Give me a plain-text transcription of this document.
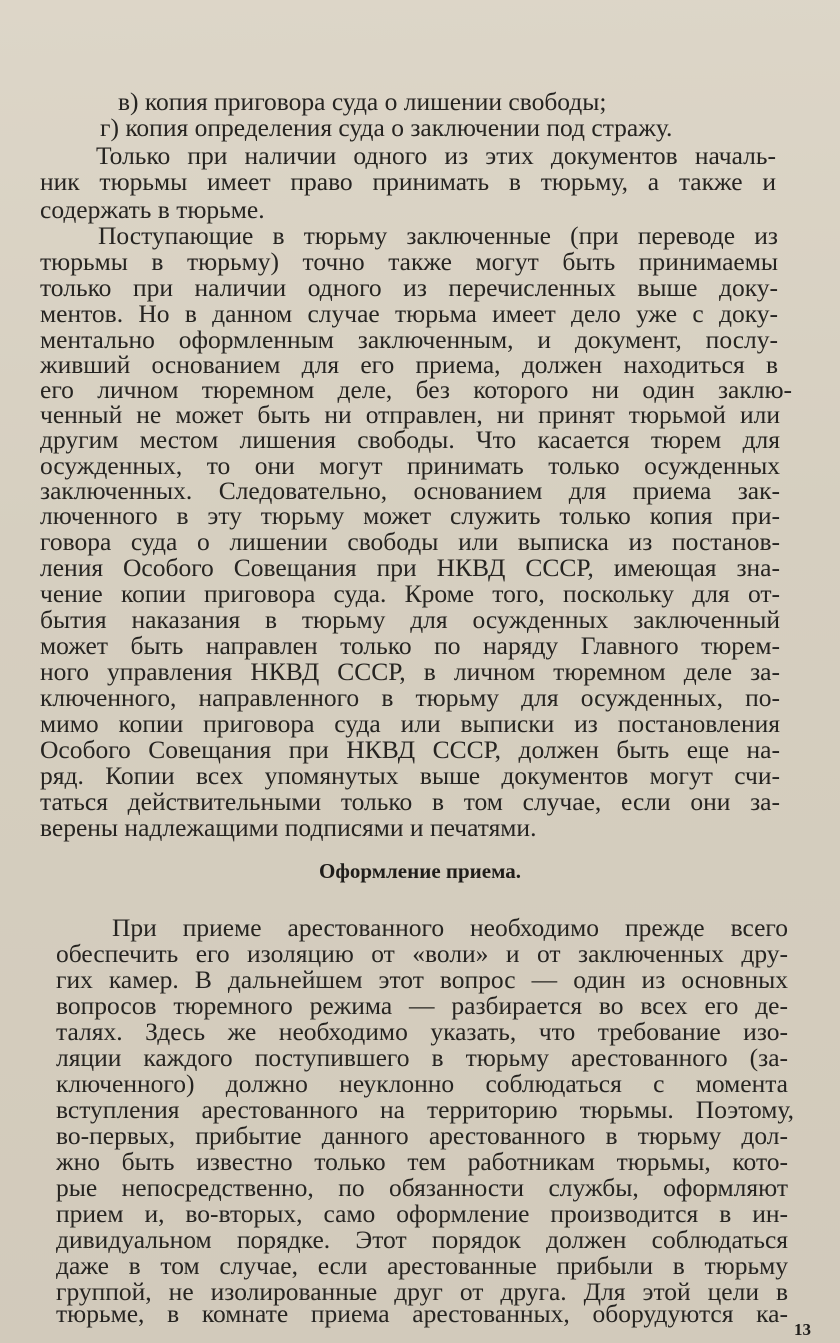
в) копия приговора суда о лишении свободы;

г) копия определения суда о заключении под стражу.

Только при наличии одного из этих документов началь-

ник тюрьмы имеет право принимать в тюрьму, а также и

содержать в тюрьме.

Поступающие в тюрьму заключенные (при переводе из

тюрьмы в тюрьму) точно также могут быть принимаемы

только при наличии одного из перечисленных выше доку-

ментов. Но в данном случае тюрьма имеет дело уже с доку-

ментально оформленным заключенным, и документ, послу-

живший основанием для его приема, должен находиться в

его личном тюремном деле, без которого ни один заклю-

ченный не может быть ни отправлен, ни принят тюрьмой или

другим местом лишения свободы. Что касается тюрем для

осужденных, то они могут принимать только осужденных

заключенных. Следовательно, основанием для приема зак-

люченного в эту тюрьму может служить только копия при-

говора суда о лишении свободы или выписка из постанов-

ления Особого Совещания при НКВД СССР, имеющая зна-

чение копии приговора суда. Кроме того, поскольку для от-

бытия наказания в тюрьму для осужденных заключенный

может быть направлен только по наряду Главного тюрем-

ного управления НКВД СССР, в личном тюремном деле за-

ключенного, направленного в тюрьму для осужденных, по-

мимо копии приговора суда или выписки из постановления

Особого Совещания при НКВД СССР, должен быть еще на-

ряд. Копии всех упомянутых выше документов могут счи-

таться действительными только в том случае, если они за-

верены надлежащими подписями и печатями.

Оформление приема.

При приеме арестованного необходимо прежде всего

обеспечить его изоляцию от «воли» и от заключенных дру-

гих камер. В дальнейшем этот вопрос — один из основных

вопросов тюремного режима — разбирается во всех его де-

талях. Здесь же необходимо указать, что требование изо-

ляции каждого поступившего в тюрьму арестованного (за-

ключенного) должно неуклонно соблюдаться с момента

вступления арестованного на территорию тюрьмы. Поэтому,

во-первых, прибытие данного арестованного в тюрьму дол-

жно быть известно только тем работникам тюрьмы, кото-

рые непосредственно, по обязанности службы, оформляют

прием и, во-вторых, само оформление производится в ин-

дивидуальном порядке. Этот порядок должен соблюдаться

даже в том случае, если арестованные прибыли в тюрьму

группой, не изолированные друг от друга. Для этой цели в

тюрьме, в комнате приема арестованных, оборудуются ка-

13
